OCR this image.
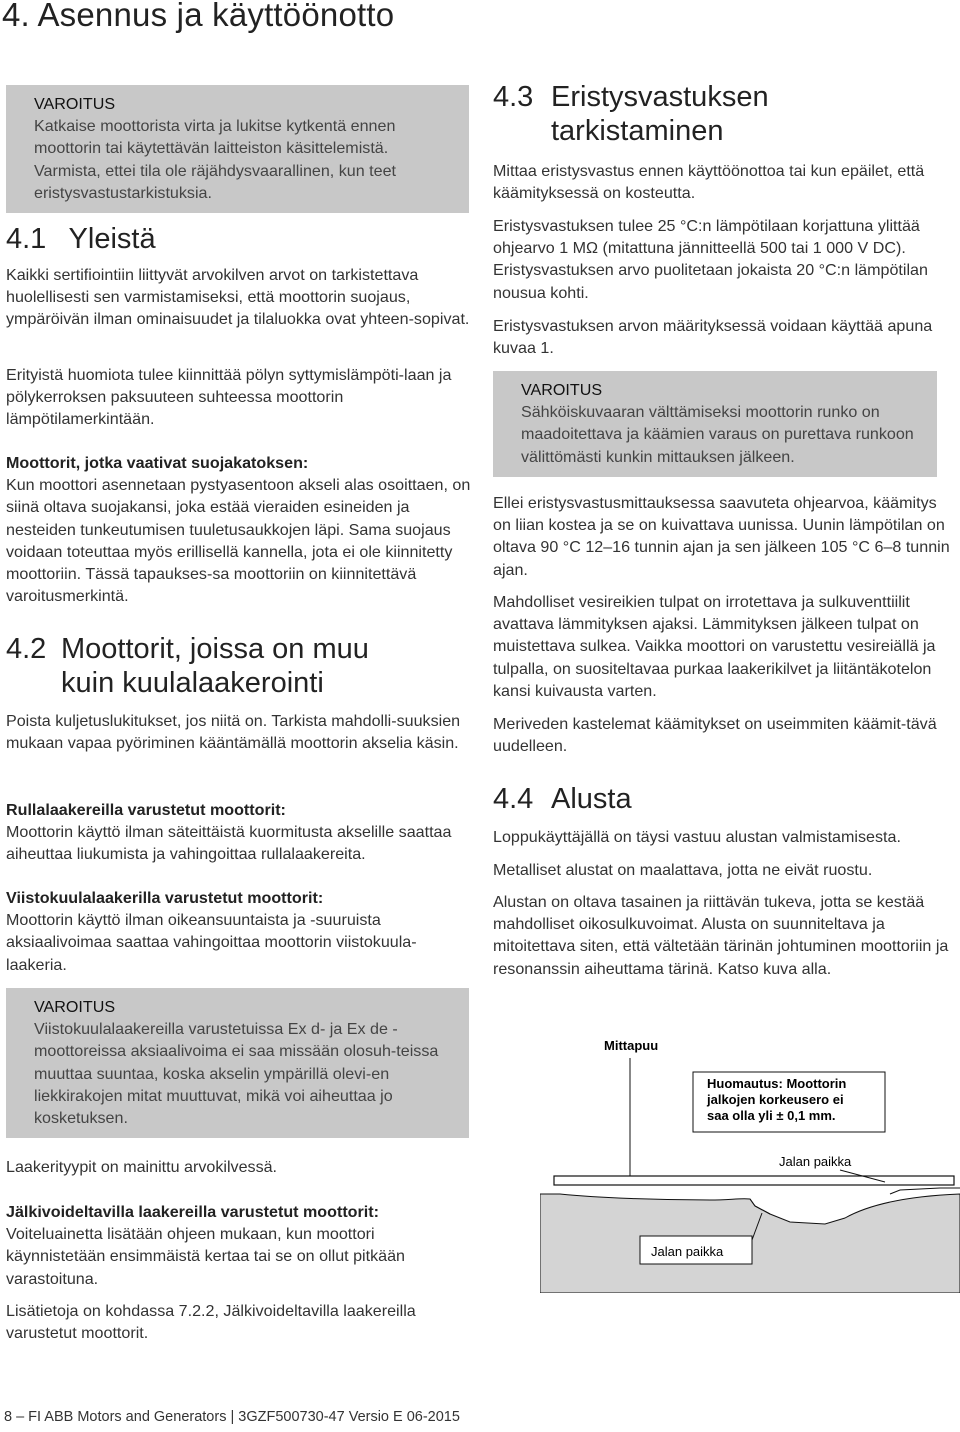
4. Asennus ja käyttöönotto
VAROITUS
Katkaise moottorista virta ja lukitse kytkentä ennen moottorin tai käytettävän laitteiston käsittelemistä. Varmista, ettei tila ole räjähdysvaarallinen, kun teet eristysvastustarkistuksia.
4.1 Yleistä

Kaikki sertifiointiin liittyvät arvokilven arvot on tarkistettava huolellisesti sen varmistamiseksi, että moottorin suojaus, ympäröivän ilman ominaisuudet ja tilaluokka ovat yhteen-sopivat.

Erityistä huomiota tulee kiinnittää pölyn syttymislämpöti-laan ja pölykerroksen paksuuteen suhteessa moottorin lämpötilamerkintään.

Moottorit, jotka vaativat suojakatoksen:

Kun moottori asennetaan pystyasentoon akseli alas osoittaen, on siinä oltava suojakansi, joka estää vieraiden esineiden ja nesteiden tunkeutumisen tuuletusaukkojen läpi. Sama suojaus voidaan toteuttaa myös erillisellä kannella, jota ei ole kiinnitetty moottoriin. Tässä tapaukses-sa moottoriin on kiinnitettävä varoitusmerkintä.

4.2 Moottorit, joissa on muu
kuin kuulalaakerointi

Poista kuljetuslukitukset, jos niitä on. Tarkista mahdolli-suuksien mukaan vapaa pyöriminen kääntämällä moottorin akselia käsin.

Rullalaakereilla varustetut moottorit:

Moottorin käyttö ilman säteittäistä kuormitusta akselille saattaa aiheuttaa liukumista ja vahingoittaa rullalaakereita.

Viistokuulalaakerilla varustetut moottorit:

Moottorin käyttö ilman oikeansuuntaista ja -suuruista aksiaalivoimaa saattaa vahingoittaa moottorin viistokuula-laakeria.

VAROITUS
Viistokuulalaakereilla varustetuissa Ex d- ja Ex de -moottoreissa aksiaalivoima ei saa missään olosuh-teissa muuttaa suuntaa, koska akselin ympärillä olevi-en liekkirakojen mitat muuttuvat, mikä voi aiheuttaa jo kosketuksen.

Laakerityypit on mainittu arvokilvessä.

Jälkivoideltavilla laakereilla varustetut moottorit:

Voiteluainetta lisätään ohjeen mukaan, kun moottori käynnistetään ensimmäistä kertaa tai se on ollut pitkään varastoituna.

Lisätietoja on kohdassa 7.2.2, Jälkivoideltavilla laakereilla varustetut moottorit.

4.3 Eristysvastuksen
tarkistaminen

Mittaa eristysvastus ennen käyttöönottoa tai kun epäilet, että käämityksessä on kosteutta.

Eristysvastuksen tulee 25 °C:n lämpötilaan korjattuna ylittää ohjearvo 1 MΩ (mitattuna jännitteellä 500 tai 1 000 V DC). Eristysvastuksen arvo puolitetaan jokaista 20 °C:n lämpötilan nousua kohti.

Eristysvastuksen arvon määrityksessä voidaan käyttää apuna kuvaa 1.

VAROITUS
Sähköiskuvaaran välttämiseksi moottorin runko on maadoitettava ja käämien varaus on purettava runkoon välittömästi kunkin mittauksen jälkeen.

Ellei eristysvastusmittauksessa saavuteta ohjearvoa, käämitys on liian kostea ja se on kuivattava uunissa. Uunin lämpötilan on oltava 90 °C 12–16 tunnin ajan ja sen jälkeen 105 °C 6–8 tunnin ajan.

Mahdolliset vesireikien tulpat on irrotettava ja sulkuventtiilit avattava lämmityksen ajaksi. Lämmityksen jälkeen tulpat on muistettava sulkea. Vaikka moottori on varustettu vesireiällä ja tulpalla, on suositeltavaa purkaa laakerikilvet ja liitäntäkotelon kansi kuivausta varten.

Meriveden kastelemat käämitykset on useimmiten käämit-tävä uudelleen.

4.4 Alusta

Loppukäyttäjällä on täysi vastuu alustan valmistamisesta.

Metalliset alustat on maalattava, jotta ne eivät ruostu.

Alustan on oltava tasainen ja riittävän tukeva, jotta se kestää mahdolliset oikosulkuvoimat. Alusta on suunniteltava ja mitoitettava siten, että vältetään tärinän johtuminen moottoriin ja resonanssin aiheuttama tärinä. Katso kuva alla.

Mittapuu
Huomautus: Moottorin
jalkojen korkeusero ei
saa olla yli ± 0,1 mm.
Jalan paikka
Jalan paikka
8 – FI ABB Motors and Generators | 3GZF500730-47 Versio E 06-2015
